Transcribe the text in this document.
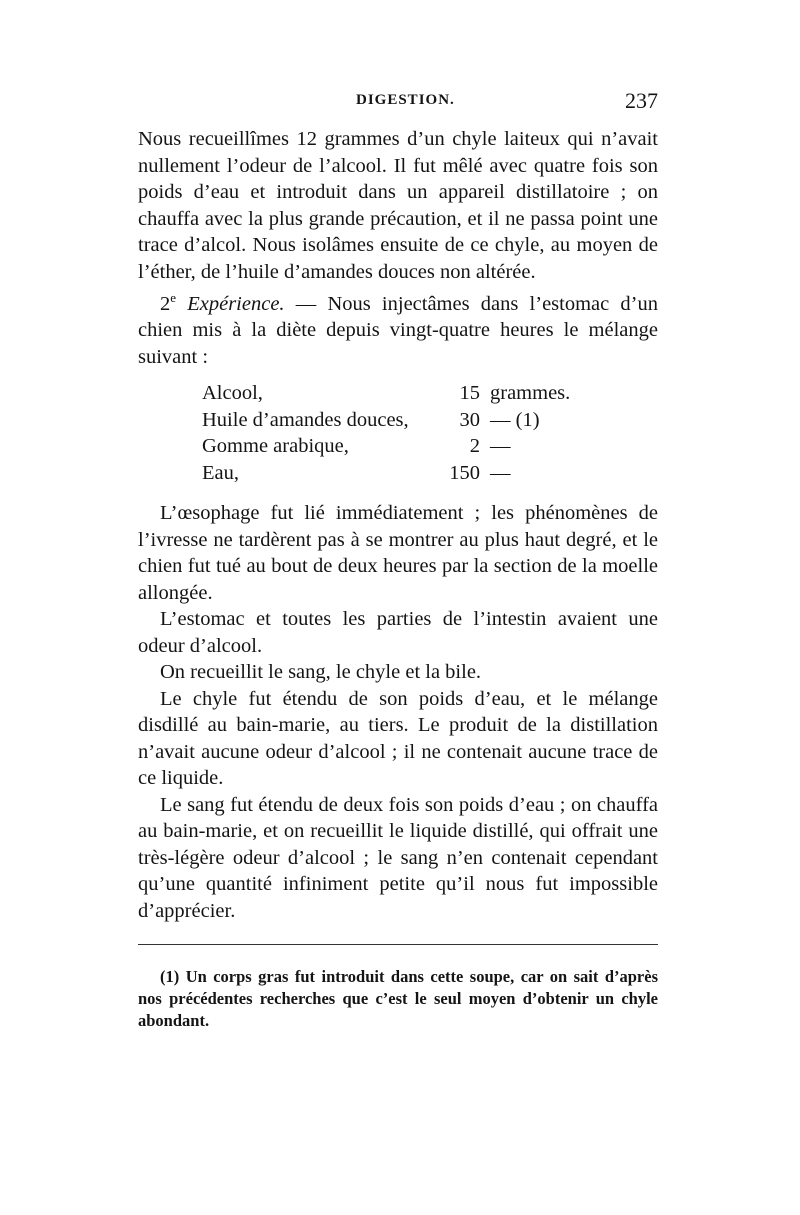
DIGESTION.	237

Nous recueillîmes 12 grammes d’un chyle laiteux qui n’avait nullement l’odeur de l’alcool. Il fut mêlé avec quatre fois son poids d’eau et introduit dans un appareil distillatoire ; on chauffa avec la plus grande précaution, et il ne passa point une trace d’alcol. Nous isolâmes ensuite de ce chyle, au moyen de l’éther, de l’huile d’amandes douces non altérée.

2e Expérience. — Nous injectâmes dans l’estomac d’un chien mis à la diète depuis vingt-quatre heures le mélange suivant :

Alcool,	15 grammes.
Huile d’amandes douces,	30 — (1)
Gomme arabique,	2 —
Eau,	150 —

L’œsophage fut lié immédiatement ; les phénomènes de l’ivresse ne tardèrent pas à se montrer au plus haut degré, et le chien fut tué au bout de deux heures par la section de la moelle allongée.

L’estomac et toutes les parties de l’intestin avaient une odeur d’alcool.

On recueillit le sang, le chyle et la bile.

Le chyle fut étendu de son poids d’eau, et le mélange disdillé au bain-marie, au tiers. Le produit de la distillation n’avait aucune odeur d’alcool ; il ne contenait aucune trace de ce liquide.

Le sang fut étendu de deux fois son poids d’eau ; on chauffa au bain-marie, et on recueillit le liquide distillé, qui offrait une très-légère odeur d’alcool ; le sang n’en contenait cependant qu’une quantité infiniment petite qu’il nous fut impossible d’apprécier.

(1) Un corps gras fut introduit dans cette soupe, car on sait d’après nos précédentes recherches que c’est le seul moyen d’obtenir un chyle abondant.
